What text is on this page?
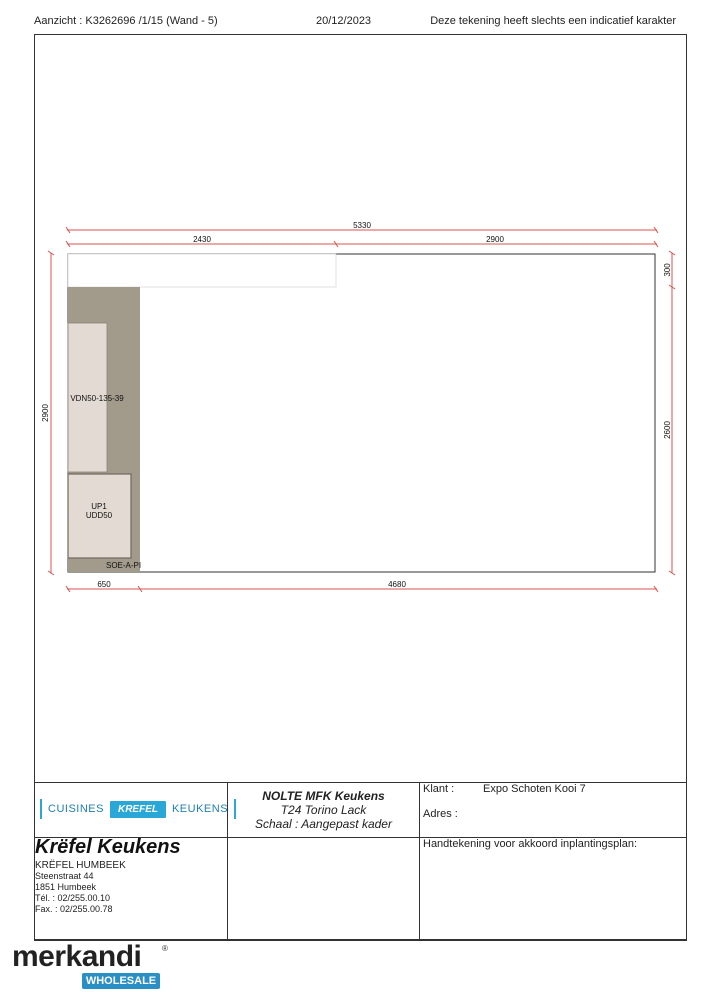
Aanzicht : K3262696 /1/15 (Wand - 5)	20/12/2023	Deze tekening heeft slechts een indicatief karakter
VDN50-135-39
UP1
UDD50
SOE-A-PI
5330
2430	2900
2900
300
2600
650	4680
CUISINES	KREFEL	KEUKENS
NOLTE MFK Keukens
T24 Torino Lack
Schaal : Aangepast kader
Klant :	Expo Schoten Kooi 7
Adres :
Handtekening voor akkoord inplantingsplan:
Krëfel Keukens
KRËFEL HUMBEEK
Steenstraat 44
1851 Humbeek
Tél. : 02/255.00.10
Fax. : 02/255.00.78
merkandi	®
WHOLESALE
